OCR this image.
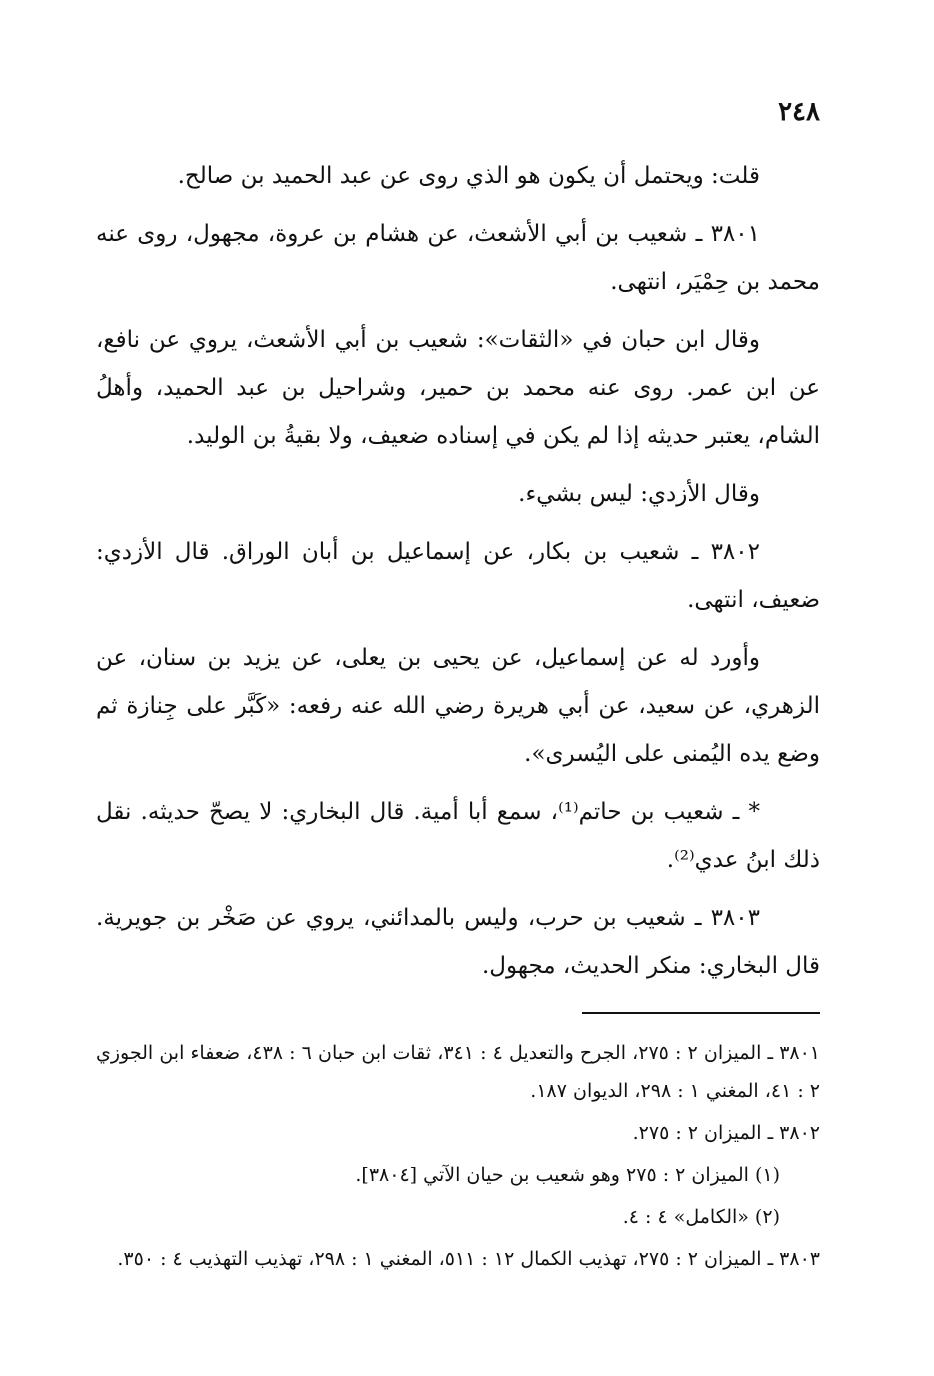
٢٤٨

قلت: ويحتمل أن يكون هو الذي روى عن عبد الحميد بن صالح.

٣٨٠١ ـ شعيب بن أبي الأشعث، عن هشام بن عروة، مجهول، روى عنه محمد بن حِمْيَر، انتهى.

وقال ابن حبان في «الثقات»: شعيب بن أبي الأشعث، يروي عن نافع، عن ابن عمر. روى عنه محمد بن حمير، وشراحيل بن عبد الحميد، وأهلُ الشام، يعتبر حديثه إذا لم يكن في إسناده ضعيف، ولا بقيةُ بن الوليد.

وقال الأزدي: ليس بشيء.

٣٨٠٢ ـ شعيب بن بكار، عن إسماعيل بن أبان الوراق. قال الأزدي: ضعيف، انتهى.

وأورد له عن إسماعيل، عن يحيى بن يعلى، عن يزيد بن سنان، عن الزهري، عن سعيد، عن أبي هريرة رضي الله عنه رفعه: «كَبَّر على جِنازة ثم وضع يده اليُمنى على اليُسرى».

* ـ شعيب بن حاتم⁽¹⁾، سمع أبا أمية. قال البخاري: لا يصحّ حديثه. نقل ذلك ابنُ عدي⁽²⁾.

٣٨٠٣ ـ شعيب بن حرب، وليس بالمدائني، يروي عن صَخْر بن جويرية. قال البخاري: منكر الحديث، مجهول.

٣٨٠١ ـ الميزان ٢ : ٢٧٥، الجرح والتعديل ٤ : ٣٤١، ثقات ابن حبان ٦ : ٤٣٨، ضعفاء ابن الجوزي ٢ : ٤١، المغني ١ : ٢٩٨، الديوان ١٨٧.

٣٨٠٢ ـ الميزان ٢ : ٢٧٥.

(١) الميزان ٢ : ٢٧٥ وهو شعيب بن حيان الآتي [٣٨٠٤].

(٢) «الكامل» ٤ : ٤.

٣٨٠٣ ـ الميزان ٢ : ٢٧٥، تهذيب الكمال ١٢ : ٥١١، المغني ١ : ٢٩٨، تهذيب التهذيب ٤ : ٣٥٠.
